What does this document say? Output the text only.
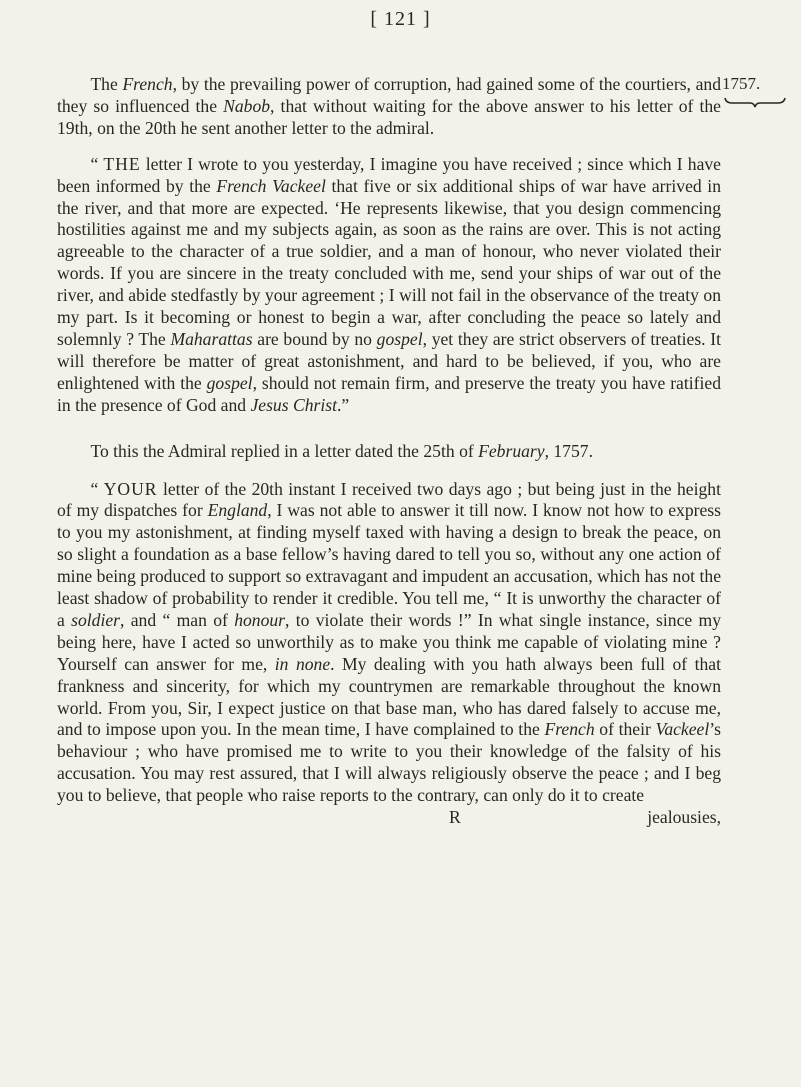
[ 121 ]
1757.

The French, by the prevailing power of corruption, had gained some of the courtiers, and they so influenced the Nabob, that without waiting for the above answer to his letter of the 19th, on the 20th he sent another letter to the admiral.

“ THE letter I wrote to you yesterday, I imagine you have received ; since which I have been informed by the French Vackeel that five or six additional ships of war have arrived in the river, and that more are expected. ‘He represents likewise, that you design commencing hostilities against me and my subjects again, as soon as the rains are over. This is not acting agreeable to the character of a true soldier, and a man of honour, who never violated their words. If you are sincere in the treaty concluded with me, send your ships of war out of the river, and abide stedfastly by your agreement ; I will not fail in the observance of the treaty on my part. Is it becoming or honest to begin a war, after concluding the peace so lately and solemnly ? The Maharattas are bound by no gospel, yet they are strict observers of treaties. It will therefore be matter of great astonishment, and hard to be believed, if you, who are enlightened with the gospel, should not remain firm, and preserve the treaty you have ratified in the presence of God and Jesus Christ.”

To this the Admiral replied in a letter dated the 25th of February, 1757.

“ YOUR letter of the 20th instant I received two days ago ; but being just in the height of my dispatches for England, I was not able to answer it till now. I know not how to express to you my astonishment, at finding myself taxed with having a design to break the peace, on so slight a foundation as a base fellow’s having dared to tell you so, without any one action of mine being produced to support so extravagant and impudent an accusation, which has not the least shadow of probability to render it credible. You tell me, “ It is unworthy the character of a soldier, and “ man of honour, to violate their words !” In what single instance, since my being here, have I acted so unworthily as to make you think me capable of violating mine ? Yourself can answer for me, in none. My dealing with you hath always been full of that frankness and sincerity, for which my countrymen are remarkable throughout the known world. From you, Sir, I expect justice on that base man, who has dared falsely to accuse me, and to impose upon you. In the mean time, I have complained to the French of their Vackeel’s behaviour ; who have promised me to write to you their knowledge of the falsity of his accusation. You may rest assured, that I will always religiously observe the peace ; and I beg you to believe, that people who raise reports to the contrary, can only do it to create

R	jealousies,
